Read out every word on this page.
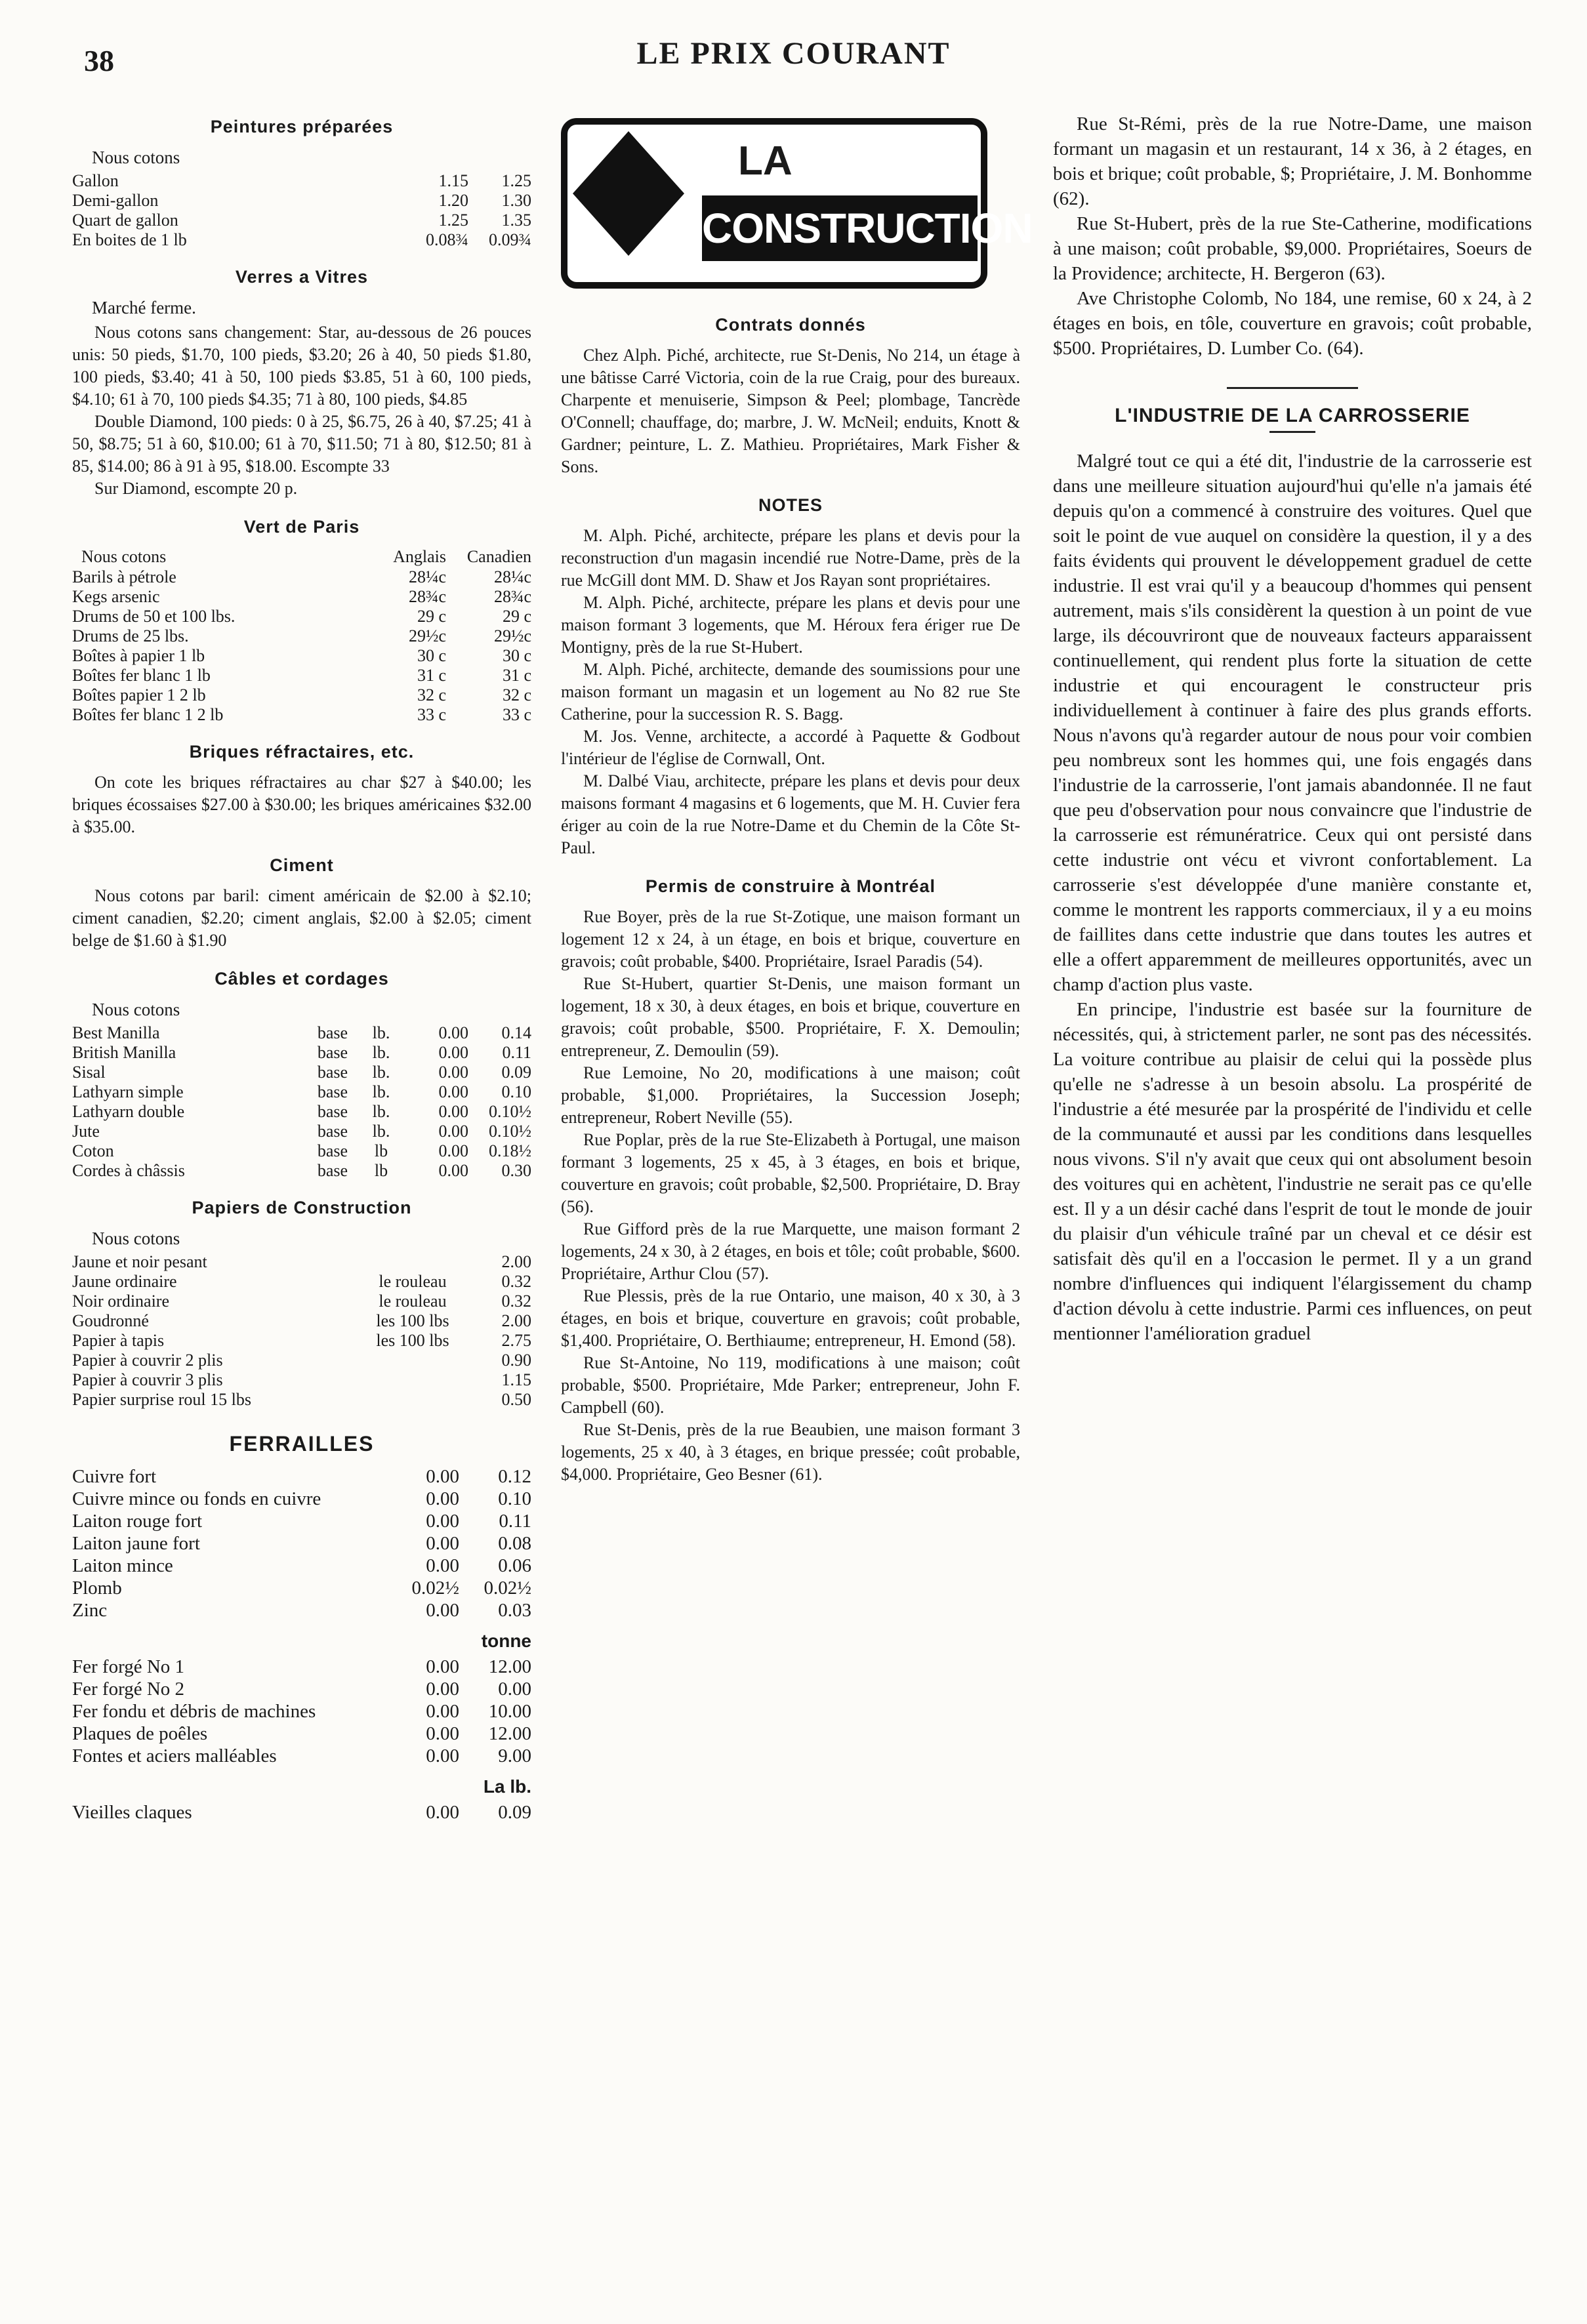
38	LE PRIX COURANT
Peintures préparées
Nous cotons
Gallon	1.15	1.25
Demi-gallon	1.20	1.30
Quart de gallon	1.25	1.35
En boites de 1 lb	0.08¾	0.09¾
Verres a Vitres
Marché ferme.

Nous cotons sans changement: Star, au-dessous de 26 pouces unis: 50 pieds, $1.70, 100 pieds, $3.20; 26 à 40, 50 pieds $1.80, 100 pieds, $3.40; 41 à 50, 100 pieds $3.85, 51 à 60, 100 pieds, $4.10; 61 à 70, 100 pieds $4.35; 71 à 80, 100 pieds, $4.85

Double Diamond, 100 pieds: 0 à 25, $6.75, 26 à 40, $7.25; 41 à 50, $8.75; 51 à 60, $10.00; 61 à 70, $11.50; 71 à 80, $12.50; 81 à 85, $14.00; 86 à 91 à 95, $18.00. Escompte 33

Sur Diamond, escompte 20 p.

Vert de Paris
Nous cotons	Anglais	Canadien
Barils à pétrole	28¼c	28¼c
Kegs arsenic	28¾c	28¾c
Drums de 50 et 100 lbs.	29 c	29 c
Drums de 25 lbs.	29½c	29½c
Boîtes à papier 1 lb	30 c	30 c
Boîtes fer blanc 1 lb	31 c	31 c
Boîtes papier 1 2 lb	32 c	32 c
Boîtes fer blanc 1 2 lb	33 c	33 c
Briques réfractaires, etc.

On cote les briques réfractaires au char $27 à $40.00; les briques écossaises $27.00 à $30.00; les briques américaines $32.00 à $35.00.

Ciment

Nous cotons par baril: ciment américain de $2.00 à $2.10; ciment canadien, $2.20; ciment anglais, $2.00 à $2.05; ciment belge de $1.60 à $1.90

Câbles et cordages
Nous cotons
Best Manilla	base	lb.	0.00	0.14
British Manilla	base	lb.	0.00	0.11
Sisal	base	lb.	0.00	0.09
Lathyarn simple	base	lb.	0.00	0.10
Lathyarn double	base	lb.	0.00	0.10½
Jute	base	lb.	0.00	0.10½
Coton	base	lb	0.00	0.18½
Cordes à châssis	base	lb	0.00	0.30
Papiers de Construction
Nous cotons
Jaune et noir pesant	2.00
Jaune ordinaire	le rouleau	0.32
Noir ordinaire	le rouleau	0.32
Goudronné	les 100 lbs	2.00
Papier à tapis	les 100 lbs	2.75
Papier à couvrir 2 plis	0.90
Papier à couvrir 3 plis	1.15
Papier surprise roul 15 lbs	0.50
FERRAILLES
Cuivre fort	0.00	0.12
Cuivre mince ou fonds en cuivre	0.00	0.10
Laiton rouge fort	0.00	0.11
Laiton jaune fort	0.00	0.08
Laiton mince	0.00	0.06
Plomb	0.02½	0.02½
Zinc	0.00	0.03
tonne
Fer forgé No 1	0.00	12.00
Fer forgé No 2	0.00	0.00
Fer fondu et débris de machines	0.00	10.00
Plaques de poêles	0.00	12.00
Fontes et aciers malléables	0.00	9.00
La lb.
Vieilles claques	0.00	0.09
LA
CONSTRUCTION
Contrats donnés

Chez Alph. Piché, architecte, rue St-Denis, No 214, un étage à une bâtisse Carré Victoria, coin de la rue Craig, pour des bureaux. Charpente et menuiserie, Simpson & Peel; plombage, Tancrède O'Connell; chauffage, do; marbre, J. W. McNeil; enduits, Knott & Gardner; peinture, L. Z. Mathieu. Propriétaires, Mark Fisher & Sons.

NOTES

M. Alph. Piché, architecte, prépare les plans et devis pour la reconstruction d'un magasin incendié rue Notre-Dame, près de la rue McGill dont MM. D. Shaw et Jos Rayan sont propriétaires.

M. Alph. Piché, architecte, prépare les plans et devis pour une maison formant 3 logements, que M. Héroux fera ériger rue De Montigny, près de la rue St-Hubert.

M. Alph. Piché, architecte, demande des soumissions pour une maison formant un magasin et un logement au No 82 rue Ste Catherine, pour la succession R. S. Bagg.

M. Jos. Venne, architecte, a accordé à Paquette & Godbout l'intérieur de l'église de Cornwall, Ont.

M. Dalbé Viau, architecte, prépare les plans et devis pour deux maisons formant 4 magasins et 6 logements, que M. H. Cuvier fera ériger au coin de la rue Notre-Dame et du Chemin de la Côte St-Paul.

Permis de construire à Montréal

Rue Boyer, près de la rue St-Zotique, une maison formant un logement 12 x 24, à un étage, en bois et brique, couverture en gravois; coût probable, $400. Propriétaire, Israel Paradis (54).

Rue St-Hubert, quartier St-Denis, une maison formant un logement, 18 x 30, à deux étages, en bois et brique, couverture en gravois; coût probable, $500. Propriétaire, F. X. Demoulin; entrepreneur, Z. Demoulin (59).

Rue Lemoine, No 20, modifications à une maison; coût probable, $1,000. Propriétaires, la Succession Joseph; entrepreneur, Robert Neville (55).

Rue Poplar, près de la rue Ste-Elizabeth à Portugal, une maison formant 3 logements, 25 x 45, à 3 étages, en bois et brique, couverture en gravois; coût probable, $2,500. Propriétaire, D. Bray (56).

Rue Gifford près de la rue Marquette, une maison formant 2 logements, 24 x 30, à 2 étages, en bois et tôle; coût probable, $600. Propriétaire, Arthur Clou (57).

Rue Plessis, près de la rue Ontario, une maison, 40 x 30, à 3 étages, en bois et brique, couverture en gravois; coût probable, $1,400. Propriétaire, O. Berthiaume; entrepreneur, H. Emond (58).

Rue St-Antoine, No 119, modifications à une maison; coût probable, $500. Propriétaire, Mde Parker; entrepreneur, John F. Campbell (60).

Rue St-Denis, près de la rue Beaubien, une maison formant 3 logements, 25 x 40, à 3 étages, en brique pressée; coût probable, $4,000. Propriétaire, Geo Besner (61).

Rue St-Rémi, près de la rue Notre-Dame, une maison formant un magasin et un restaurant, 14 x 36, à 2 étages, en bois et brique; coût probable, $; Propriétaire, J. M. Bonhomme (62).

Rue St-Hubert, près de la rue Ste-Catherine, modifications à une maison; coût probable, $9,000. Propriétaires, Soeurs de la Providence; architecte, H. Bergeron (63).

Ave Christophe Colomb, No 184, une remise, 60 x 24, à 2 étages en bois, en tôle, couverture en gravois; coût probable, $500. Propriétaires, D. Lumber Co. (64).

L'INDUSTRIE DE LA CARROSSERIE

Malgré tout ce qui a été dit, l'industrie de la carrosserie est dans une meilleure situation aujourd'hui qu'elle n'a jamais été depuis qu'on a commencé à construire des voitures. Quel que soit le point de vue auquel on considère la question, il y a des faits évidents qui prouvent le développement graduel de cette industrie. Il est vrai qu'il y a beaucoup d'hommes qui pensent autrement, mais s'ils considèrent la question à un point de vue large, ils découvriront que de nouveaux facteurs apparaissent continuellement, qui rendent plus forte la situation de cette industrie et qui encouragent le constructeur pris individuellement à continuer à faire des plus grands efforts. Nous n'avons qu'à regarder autour de nous pour voir combien peu nombreux sont les hommes qui, une fois engagés dans l'industrie de la carrosserie, l'ont jamais abandonnée. Il ne faut que peu d'observation pour nous convaincre que l'industrie de la carrosserie est rémunératrice. Ceux qui ont persisté dans cette industrie ont vécu et vivront confortablement. La carrosserie s'est développée d'une manière constante et, comme le montrent les rapports commerciaux, il y a eu moins de faillites dans cette industrie que dans toutes les autres et elle a offert apparemment de meilleures opportunités, avec un champ d'action plus vaste.

En principe, l'industrie est basée sur la fourniture de nécessités, qui, à strictement parler, ne sont pas des nécessités. La voiture contribue au plaisir de celui qui la possède plus qu'elle ne s'adresse à un besoin absolu. La prospérité de l'industrie a été mesurée par la prospérité de l'individu et celle de la communauté et aussi par les conditions dans lesquelles nous vivons. S'il n'y avait que ceux qui ont absolument besoin des voitures qui en achètent, l'industrie ne serait pas ce qu'elle est. Il y a un désir caché dans l'esprit de tout le monde de jouir du plaisir d'un véhicule traîné par un cheval et ce désir est satisfait dès qu'il en a l'occasion le permet. Il y a un grand nombre d'influences qui indiquent l'élargissement du champ d'action dévolu à cette industrie. Parmi ces influences, on peut mentionner l'amélioration graduel
